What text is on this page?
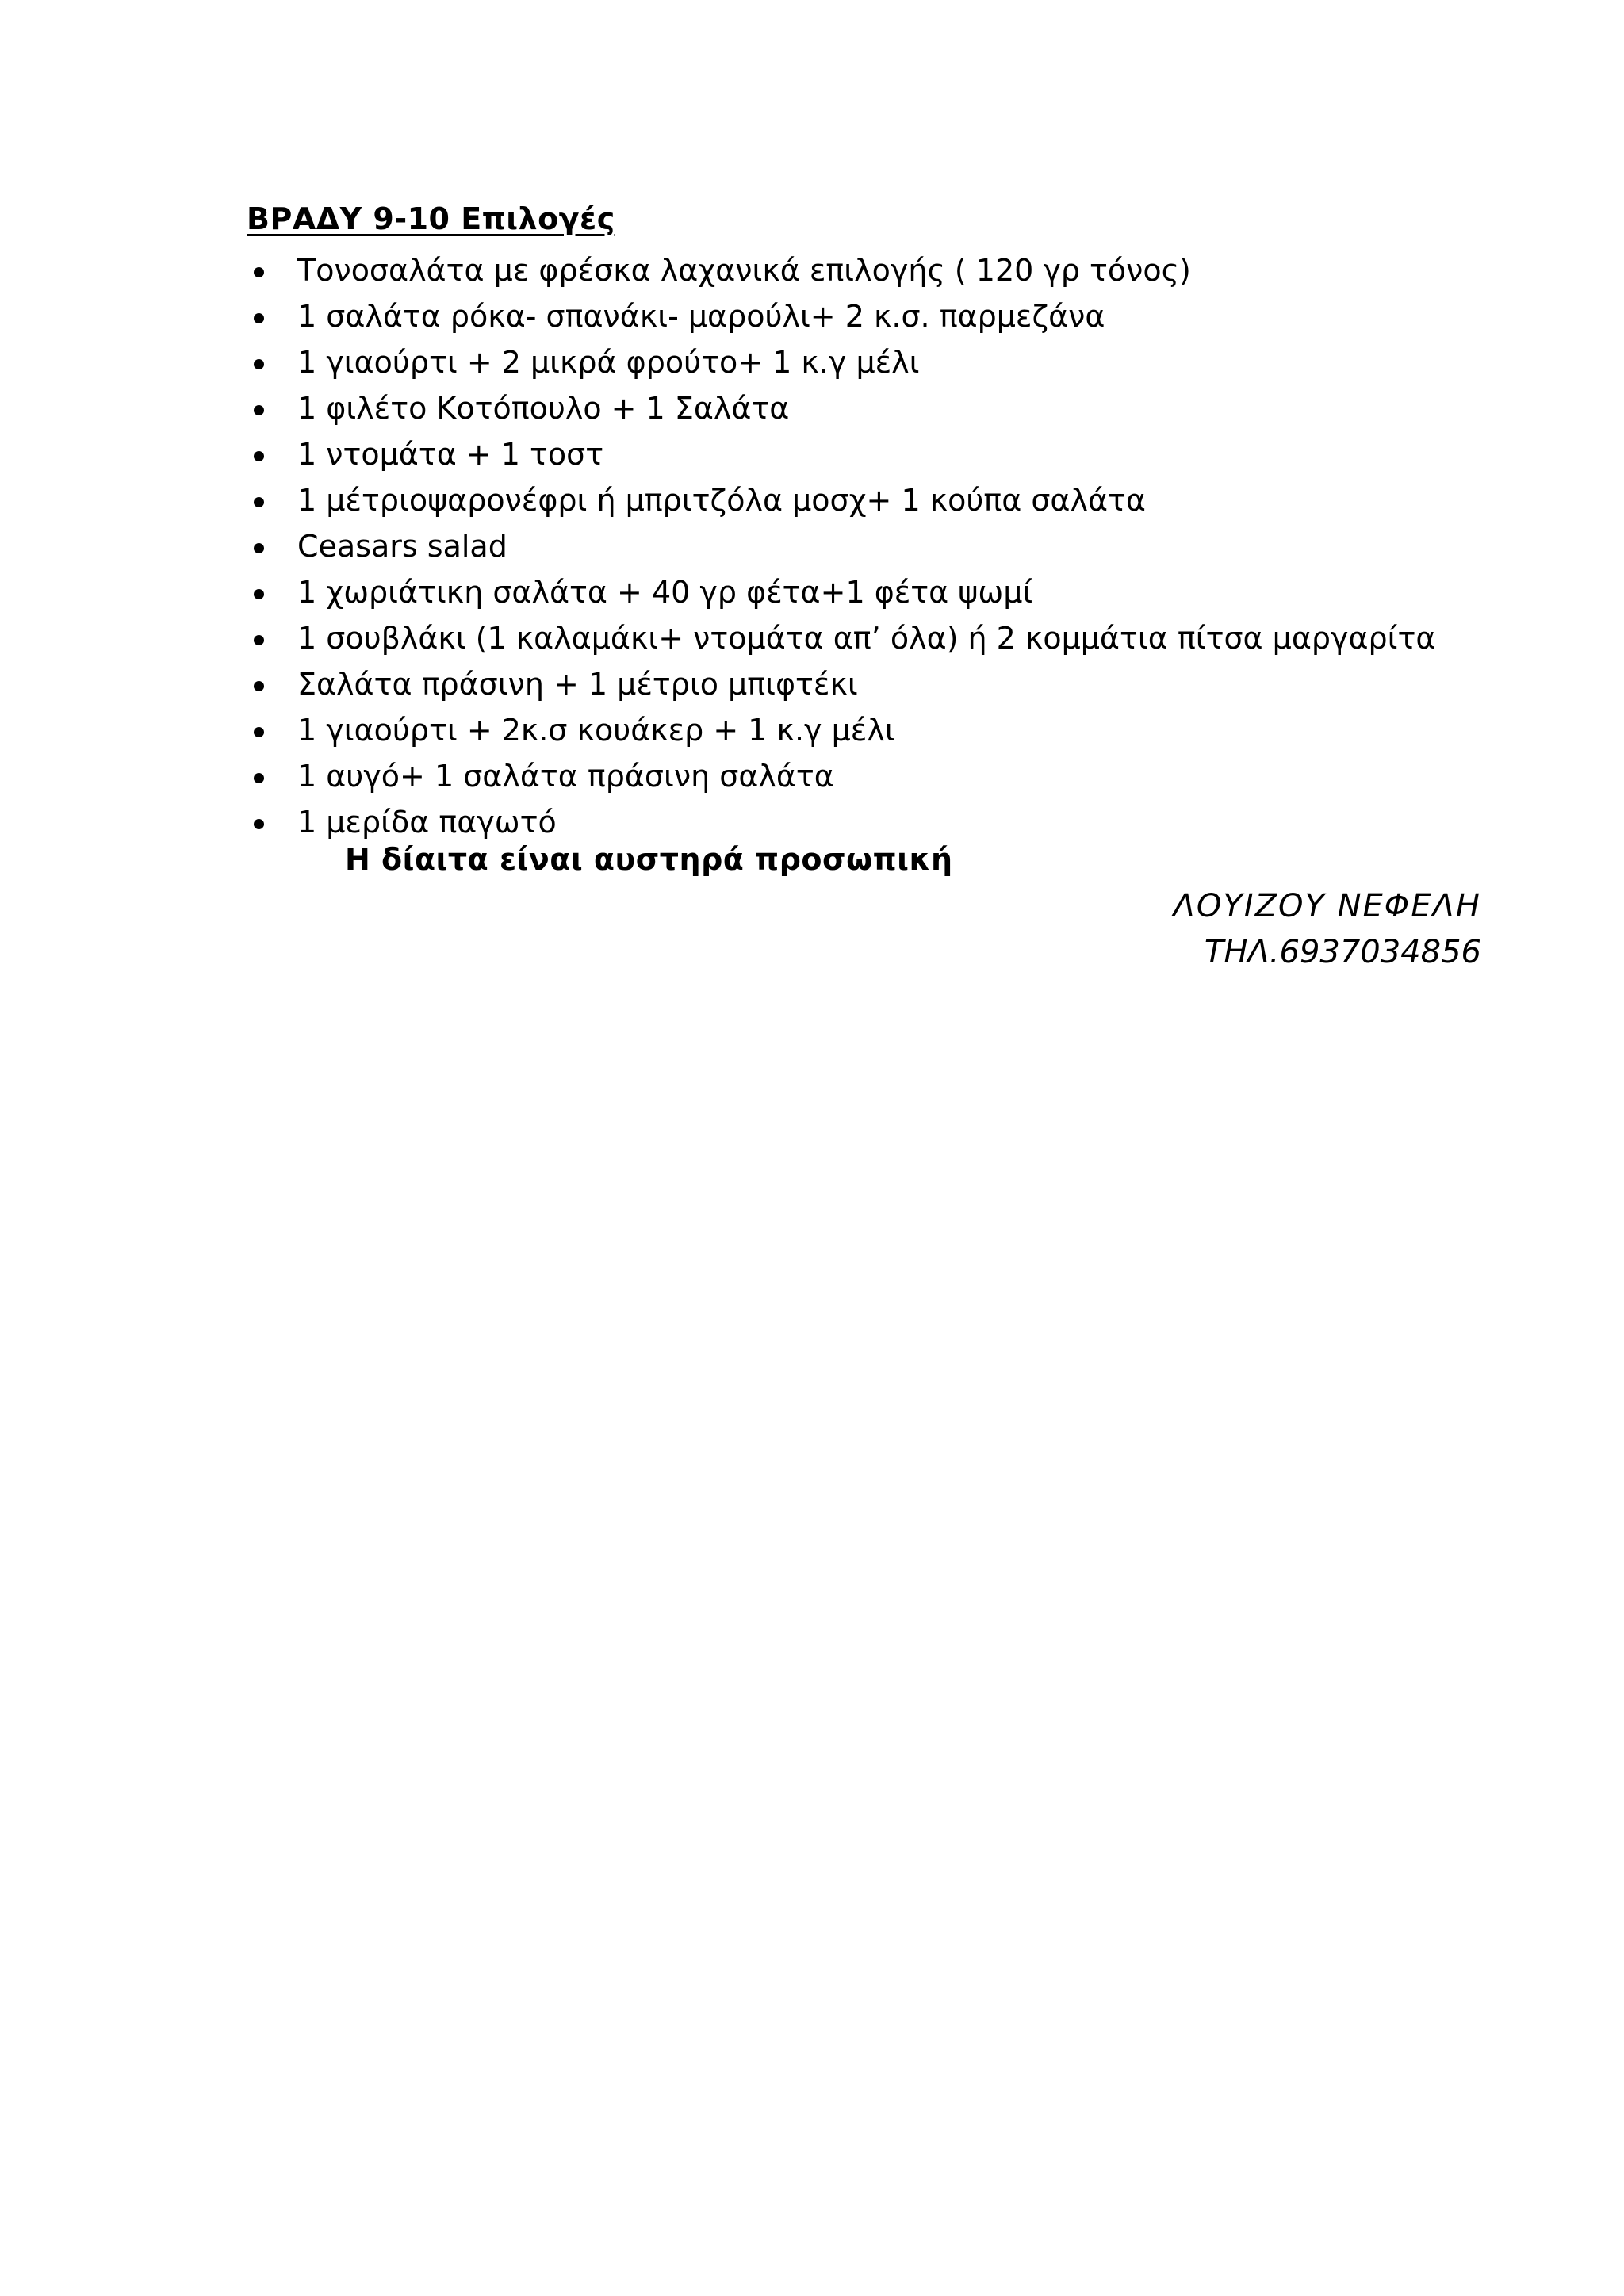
ΒΡΑΔΥ 9-10 Επιλογές
Τονοσαλάτα με φρέσκα λαχανικά επιλογής ( 120 γρ τόνος)
1 σαλάτα ρόκα- σπανάκι- μαρούλι+ 2 κ.σ. παρμεζάνα
1 γιαούρτι + 2 μικρά φρούτο+ 1 κ.γ μέλι
1 φιλέτο Κοτόπουλο + 1 Σαλάτα
1 ντομάτα + 1 τοστ
1 μέτριοψαρονέφρι ή μπριτζόλα μοσχ+ 1 κούπα σαλάτα
Ceasars salad
1 χωριάτικη σαλάτα + 40 γρ φέτα+1 φέτα ψωμί
1 σουβλάκι (1 καλαμάκι+ ντομάτα απ’ όλα) ή 2 κομμάτια πίτσα μαργαρίτα
Σαλάτα πράσινη + 1 μέτριο μπιφτέκι
1 γιαούρτι + 2κ.σ κουάκερ + 1 κ.γ μέλι
1 αυγό+ 1 σαλάτα πράσινη σαλάτα
1 μερίδα παγωτό
Η δίαιτα είναι αυστηρά προσωπική
ΛΟΥΙΖΟΥ ΝΕΦΕΛΗ
ΤΗΛ.6937034856
